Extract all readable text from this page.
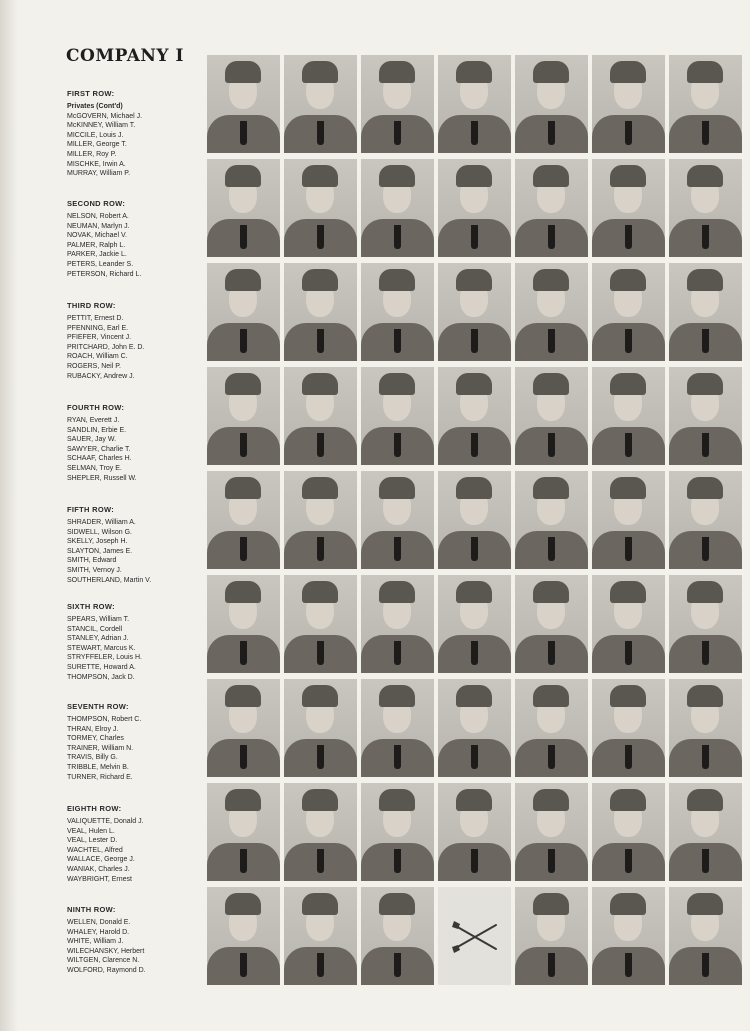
COMPANY I
FIRST ROW:
Privates (Cont'd)
McGOVERN, Michael J.
McKINNEY, William T.
MICCILE, Louis J.
MILLER, George T.
MILLER, Roy P.
MISCHKE, Irwin A.
MURRAY, William P.
SECOND ROW:
NELSON, Robert A.
NEUMAN, Marlyn J.
NOVAK, Michael V.
PALMER, Ralph L.
PARKER, Jackie L.
PETERS, Leander S.
PETERSON, Richard L.
THIRD ROW:
PETTIT, Ernest D.
PFENNING, Earl E.
PFIEFER, Vincent J.
PRITCHARD, John E. D.
ROACH, William C.
ROGERS, Neil P.
RUBACKY, Andrew J.
FOURTH ROW:
RYAN, Everett J.
SANDLIN, Erbie E.
SAUER, Jay W.
SAWYER, Charlie T.
SCHAAF, Charles H.
SELMAN, Troy E.
SHEPLER, Russell W.
FIFTH ROW:
SHRADER, William A.
SIDWELL, Wilson G.
SKELLY, Joseph H.
SLAYTON, James E.
SMITH, Edward
SMITH, Vernoy J.
SOUTHERLAND, Martin V.
SIXTH ROW:
SPEARS, William T.
STANCIL, Cordell
STANLEY, Adrian J.
STEWART, Marcus K.
STRYFFELER, Louis H.
SURETTE, Howard A.
THOMPSON, Jack D.
SEVENTH ROW:
THOMPSON, Robert C.
THRAN, Elroy J.
TORMEY, Charles
TRAINER, William N.
TRAVIS, Billy G.
TRIBBLE, Melvin B.
TURNER, Richard E.
EIGHTH ROW:
VALIQUETTE, Donald J.
VEAL, Hulen L.
VEAL, Lester D.
WACHTEL, Alfred
WALLACE, George J.
WANIAK, Charles J.
WAYBRIGHT, Ernest
NINTH ROW:
WELLEN, Donald E.
WHALEY, Harold D.
WHITE, William J.
WILECHANSKY, Herbert
WILTGEN, Clarence N.
WOLFORD, Raymond D.
